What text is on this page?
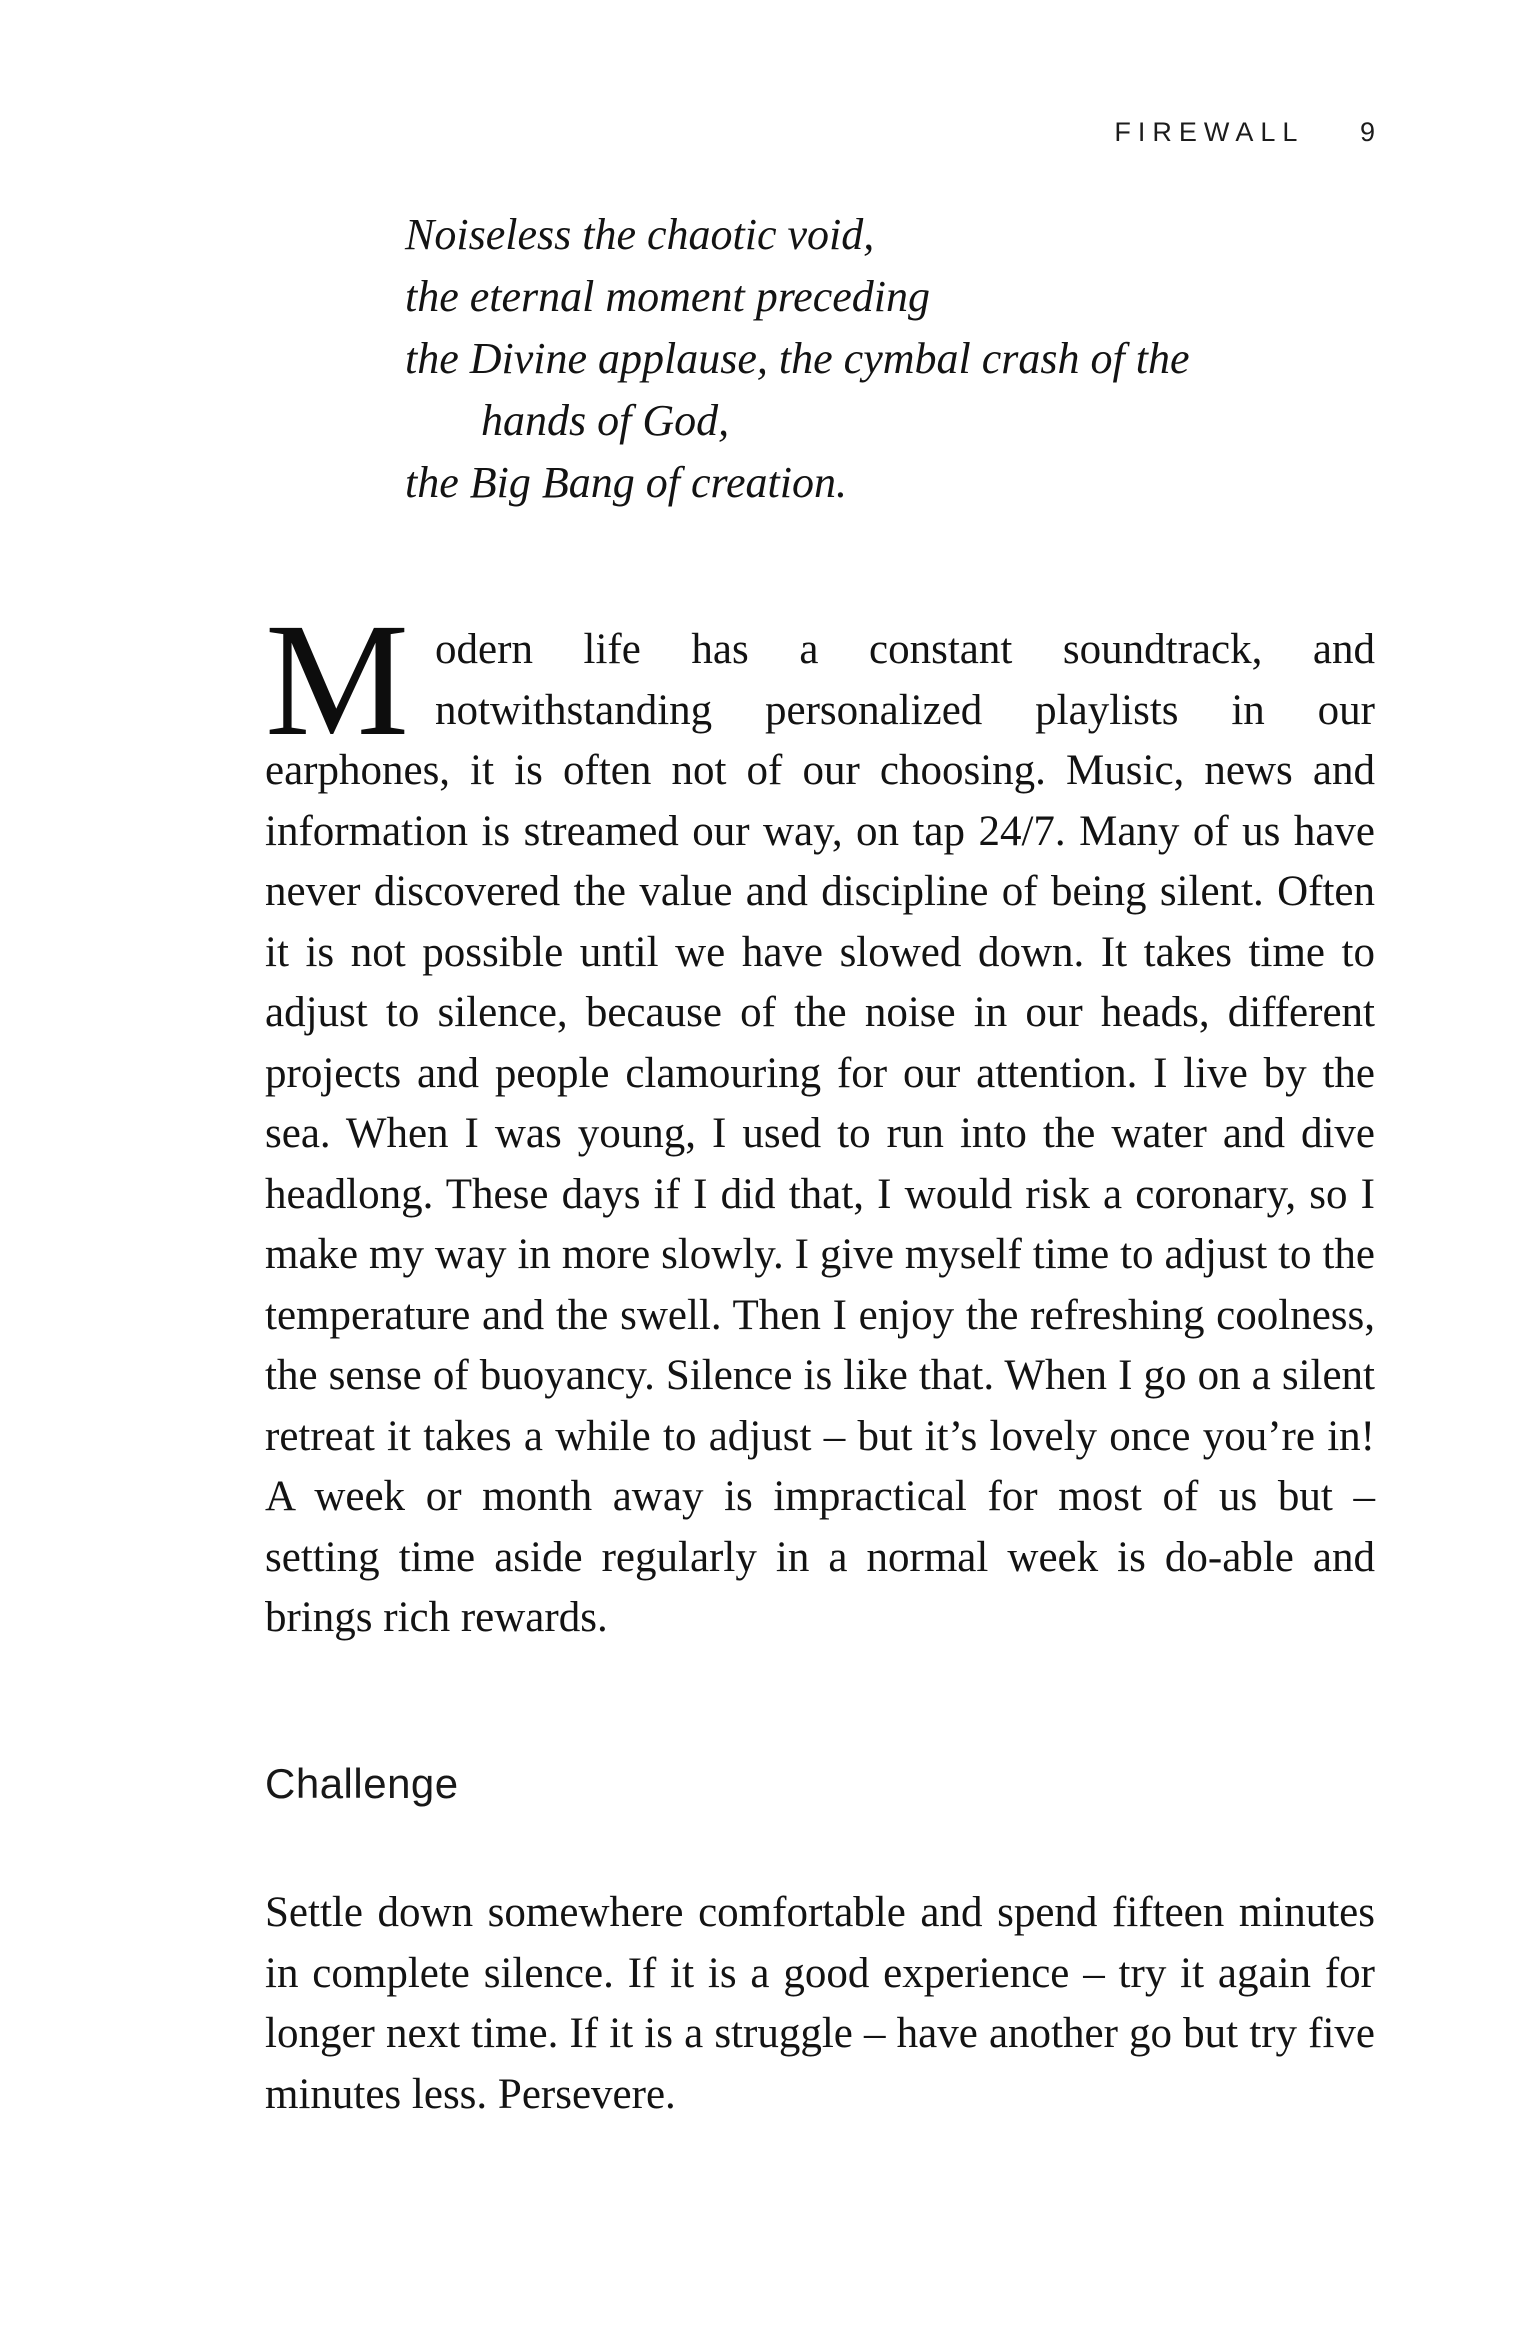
FIREWALL 9
Noiseless the chaotic void,
the eternal moment preceding
the Divine applause, the cymbal crash of the
hands of God,
the Big Bang of creation.

Modern life has a constant soundtrack, and notwithstanding personalized playlists in our earphones, it is often not of our choosing. Music, news and information is streamed our way, on tap 24/7. Many of us have never discovered the value and discipline of being silent. Often it is not possible until we have slowed down. It takes time to adjust to silence, because of the noise in our heads, different projects and people clamouring for our attention. I live by the sea. When I was young, I used to run into the water and dive headlong. These days if I did that, I would risk a coronary, so I make my way in more slowly. I give myself time to adjust to the temperature and the swell. Then I enjoy the refreshing coolness, the sense of buoyancy. Silence is like that. When I go on a silent retreat it takes a while to adjust – but it’s lovely once you’re in! A week or month away is impractical for most of us but – setting time aside regularly in a normal week is do-able and brings rich rewards.

Challenge

Settle down somewhere comfortable and spend fifteen minutes in complete silence. If it is a good experience – try it again for longer next time. If it is a struggle – have another go but try five minutes less. Persevere.
